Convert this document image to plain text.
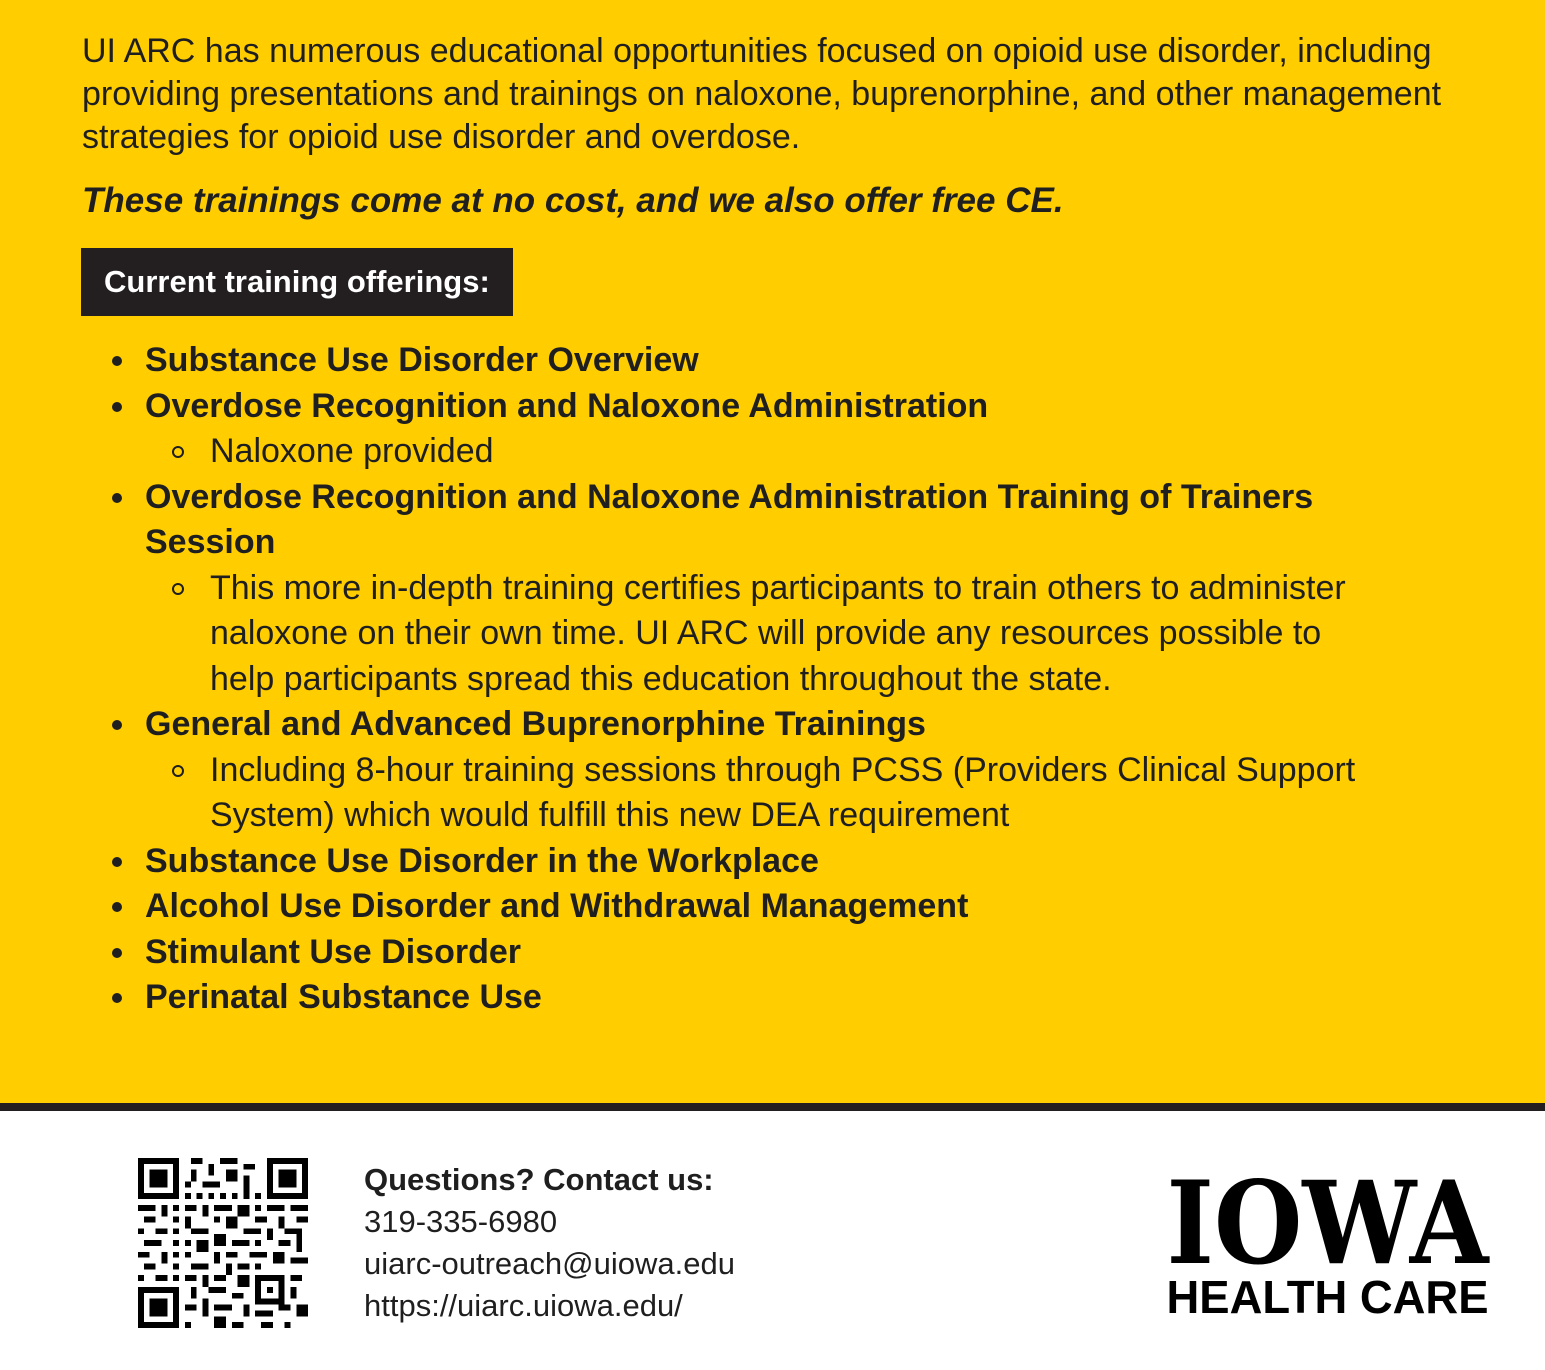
UI ARC has numerous educational opportunities focused on opioid use disorder, including providing presentations and trainings on naloxone, buprenorphine, and other management strategies for opioid use disorder and overdose.

These trainings come at no cost, and we also offer free CE.

Current training offerings:
Substance Use Disorder Overview
Overdose Recognition and Naloxone Administration
Naloxone provided
Overdose Recognition and Naloxone Administration Training of Trainers Session
This more in-depth training certifies participants to train others to administer naloxone on their own time. UI ARC will provide any resources possible to help participants spread this education throughout the state.
General and Advanced Buprenorphine Trainings
Including 8-hour training sessions through PCSS (Providers Clinical Support System) which would fulfill this new DEA requirement
Substance Use Disorder in the Workplace
Alcohol Use Disorder and Withdrawal Management
Stimulant Use Disorder
Perinatal Substance Use
Questions? Contact us:
319-335-6980
uiarc-outreach@uiowa.edu
https://uiarc.uiowa.edu/
IOWA
HEALTH CARE
